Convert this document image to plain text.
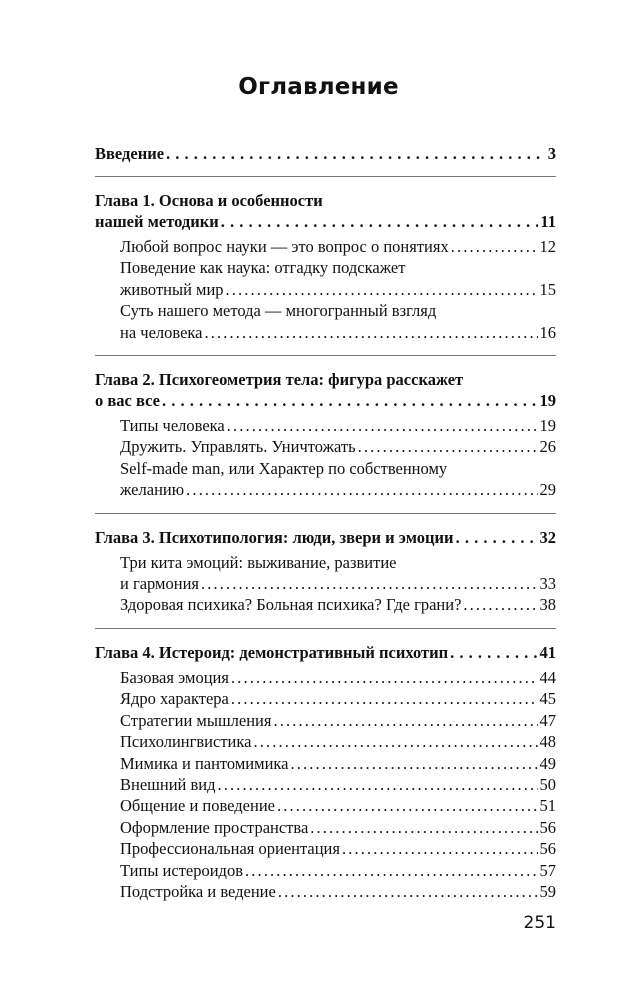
Оглавление
Введение . . .	3
Глава 1. Основа и особенности
нашей методики . . .	11
Любой вопрос науки — это вопрос о понятиях . . .	12
Поведение как наука: отгадку подскажет
животный мир . . .	15
Суть нашего метода — многогранный взгляд
на человека . . .	16
Глава 2. Психогеометрия тела: фигура расскажет
о вас все . . .	19
Типы человека . . .	19
Дружить. Управлять. Уничтожать . . .	26
Self-made man, или Характер по собственному
желанию . . .	29
Глава 3. Психотипология: люди, звери и эмоции . . .	32
Три кита эмоций: выживание, развитие
и гармония . . .	33
Здоровая психика? Больная психика? Где грани? . . .	38
Глава 4. Истероид: демонстративный психотип . . .	41
Базовая эмоция . . .	44
Ядро характера . . .	45
Стратегии мышления . . .	47
Психолингвистика . . .	48
Мимика и пантомимика . . .	49
Внешний вид . . .	50
Общение и поведение . . .	51
Оформление пространства . . .	56
Профессиональная ориентация . . .	56
Типы истероидов . . .	57
Подстройка и ведение . . .	59
251
